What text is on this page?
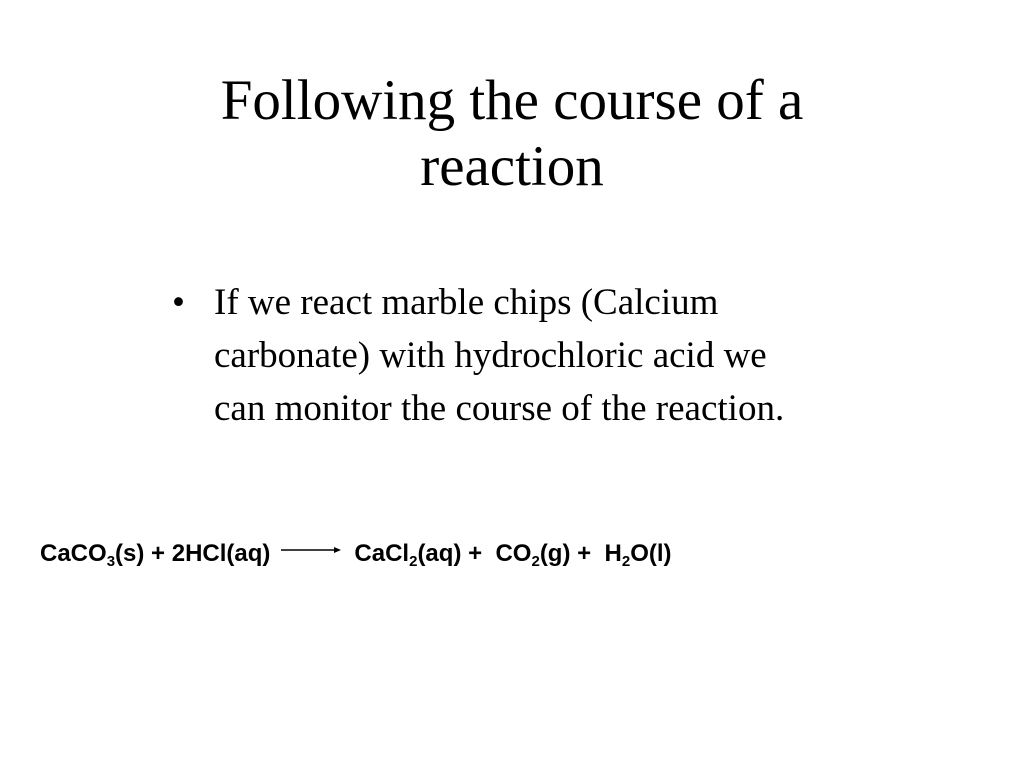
Following the course of a
reaction
• If we react marble chips (Calcium
carbonate) with hydrochloric acid we
can monitor the course of the reaction.
CaCO$_3$(s) + 2HCl(aq)	CaCl$_2$(aq) + $CO_2(g) + H_2O(l)$
